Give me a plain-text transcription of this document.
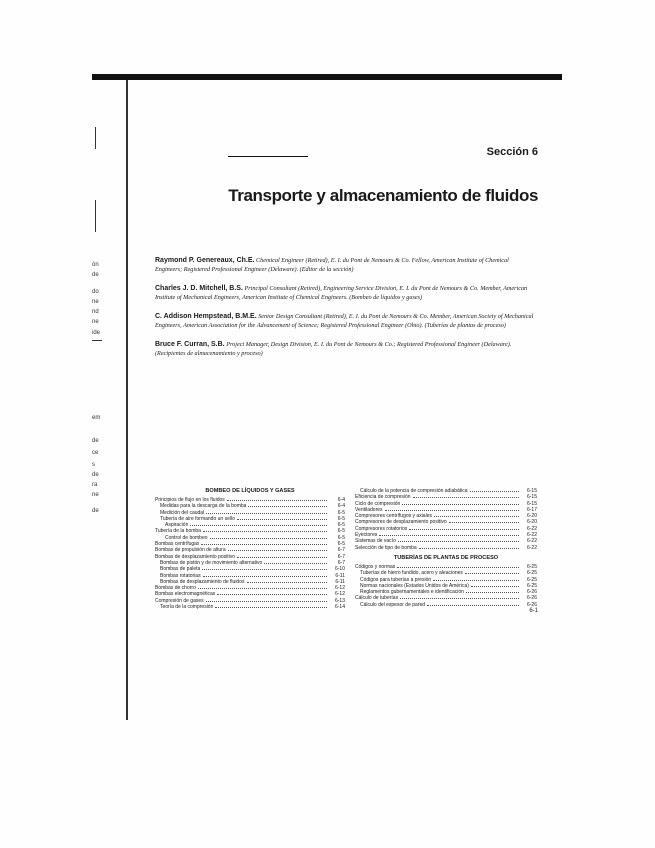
ón
de
do
ne
nd
ne
ide
em
de
ce
s
de
ra
ne
de
Sección 6
Transporte y almacenamiento de fluidos

Raymond P. Genereaux, Ch.E. Chemical Engineer (Retired), E. I. du Pont de Nemours & Co. Fellow, American Institute of Chemical Engineers; Registered Professional Engineer (Delaware). (Editor de la sección)

Charles J. D. Mitchell, B.S. Principal Consultant (Retired), Engineering Service Division, E. I. du Pont de Nemours & Co. Member, American Institute of Mechanical Engineers, American Institute of Chemical Engineers. (Bombeo de líquidos y gases)

C. Addison Hempstead, B.M.E. Senior Design Consultant (Retired), E. I. du Pont de Nemours & Co. Member, American Society of Mechanical Engineers, American Association for the Advancement of Science; Registered Professional Engineer (Ohio). (Tuberías de plantas de proceso)

Bruce F. Curran, S.B. Project Manager, Design Division, E. I. du Pont de Nemours & Co.; Registered Professional Engineer (Delaware). (Recipientes de almacenamiento y proceso)

BOMBEO DE LÍQUIDOS Y GASES
Principios de flujo en los fluidos	6-4
Medidas para la descarga de la bomba	6-4
Medición del caudal	6-5
Tubería de aire formando un sello	6-5
Aspiración	6-5
Tubería de la bomba	6-5
Control de bombeo	6-5
Bombas centrífugas	6-5
Bombas de propulsión de altura	6-7
Bombas de desplazamiento positivo	6-7
Bombas de pistón y de movimiento alternativo	6-7
Bombas de paleta	6-10
Bombas rotatorias	6-11
Bombas de desplazamiento de fluidos	6-11
Bombas de chorro	6-12
Bombas electromagnéticas	6-12
Compresión de gases	6-13
Teoría de la compresión	6-14
Cálculo de la potencia de compresión adiabática	6-15
Eficiencia de compresión	6-15
Ciclo de compresión	6-15
Ventiladores	6-17
Compresores centrífugos y axiales	6-20
Compresores de desplazamiento positivo	6-20
Compresores rotatorios	6-22
Eyectores	6-22
Sistemas de vacío	6-22
Selección de tipo de bomba	6-22
TUBERÍAS DE PLANTAS DE PROCESO
Códigos y normas	6-25
Tuberías de hierro fundido, acero y aleaciones	6-25
Códigos para tuberías a presión	6-25
Normas nacionales (Estados Unidos de América)	6-25
Reglamentos gubernamentales e identificación	6-26
Cálculo de tuberías	6-26
Cálculo del espesor de pared	6-26
6-1
